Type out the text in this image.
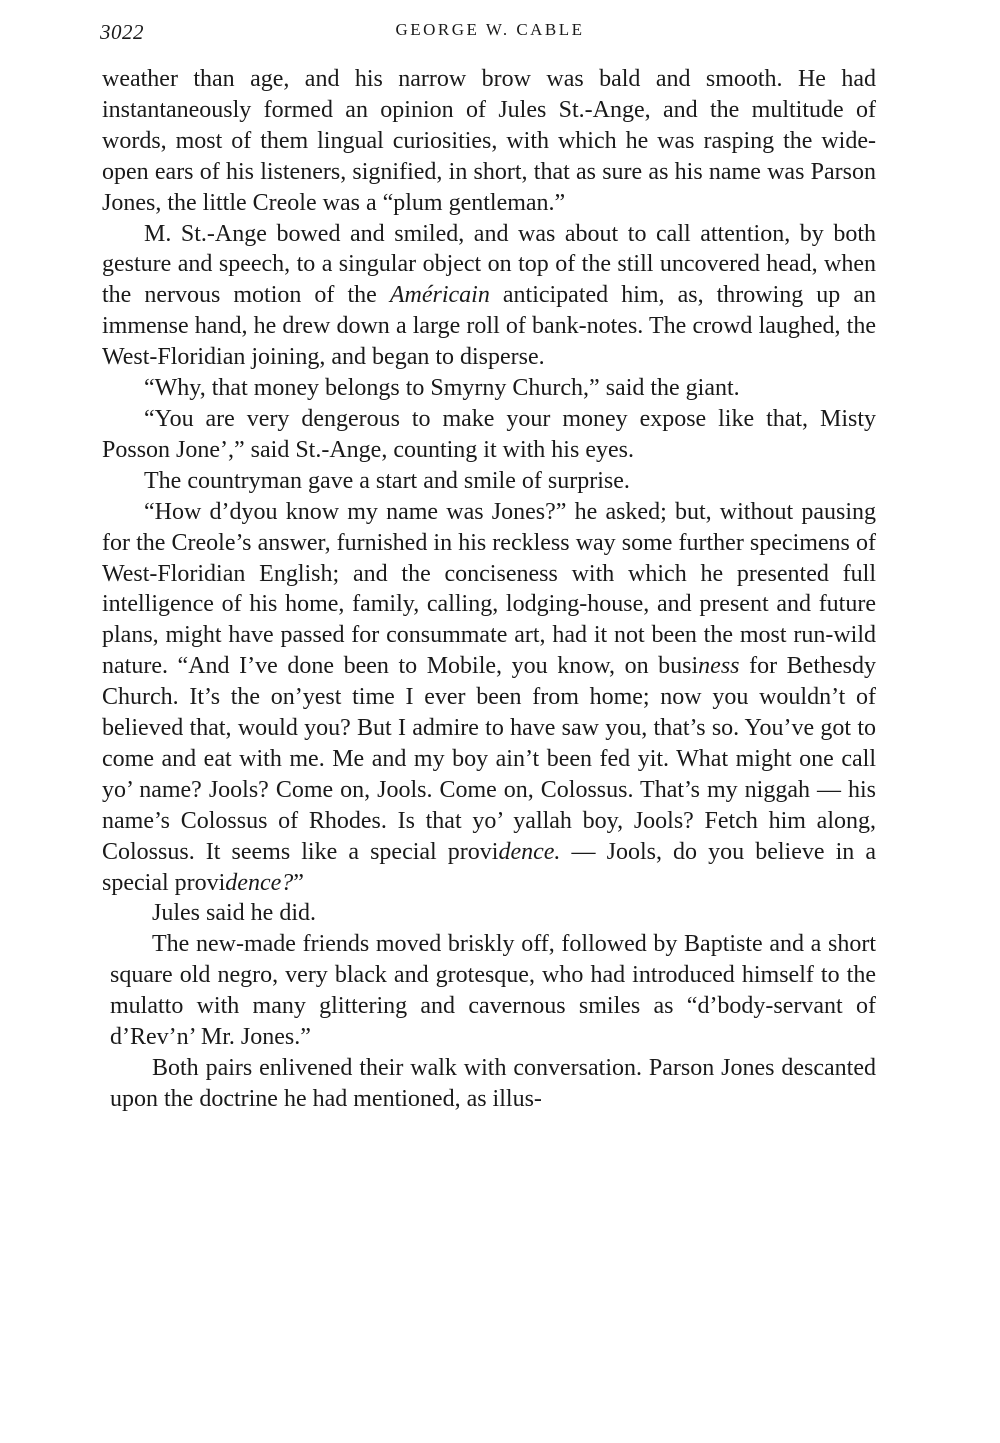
3022	GEORGE W. CABLE

weather than age, and his narrow brow was bald and smooth. He had instantaneously formed an opinion of Jules St.-Ange, and the multitude of words, most of them lingual curiosities, with which he was rasping the wide-open ears of his listeners, signified, in short, that as sure as his name was Parson Jones, the little Creole was a “plum gentleman.”

M. St.-Ange bowed and smiled, and was about to call attention, by both gesture and speech, to a singular object on top of the still uncovered head, when the nervous motion of the Américain anticipated him, as, throwing up an immense hand, he drew down a large roll of bank-notes. The crowd laughed, the West-Floridian joining, and began to disperse.

“Why, that money belongs to Smyrny Church,” said the giant.

“You are very dengerous to make your money expose like that, Misty Posson Jone’,” said St.-Ange, counting it with his eyes.

The countryman gave a start and smile of surprise.

“How d’dyou know my name was Jones?” he asked; but, without pausing for the Creole’s answer, furnished in his reckless way some further specimens of West-Floridian English; and the conciseness with which he presented full intelligence of his home, family, calling, lodging-house, and present and future plans, might have passed for consummate art, had it not been the most run-wild nature. “And I’ve done been to Mobile, you know, on business for Bethesdy Church. It’s the on’yest time I ever been from home; now you wouldn’t of believed that, would you? But I admire to have saw you, that’s so. You’ve got to come and eat with me. Me and my boy ain’t been fed yit. What might one call yo’ name? Jools? Come on, Jools. Come on, Colossus. That’s my niggah — his name’s Colossus of Rhodes. Is that yo’ yallah boy, Jools? Fetch him along, Colossus. It seems like a special providence. — Jools, do you believe in a special providence?”

Jules said he did.

The new-made friends moved briskly off, followed by Baptiste and a short square old negro, very black and grotesque, who had introduced himself to the mulatto with many glittering and cavernous smiles as “d’body-servant of d’Rev’n’ Mr. Jones.”

Both pairs enlivened their walk with conversation. Parson Jones descanted upon the doctrine he had mentioned, as illus-
